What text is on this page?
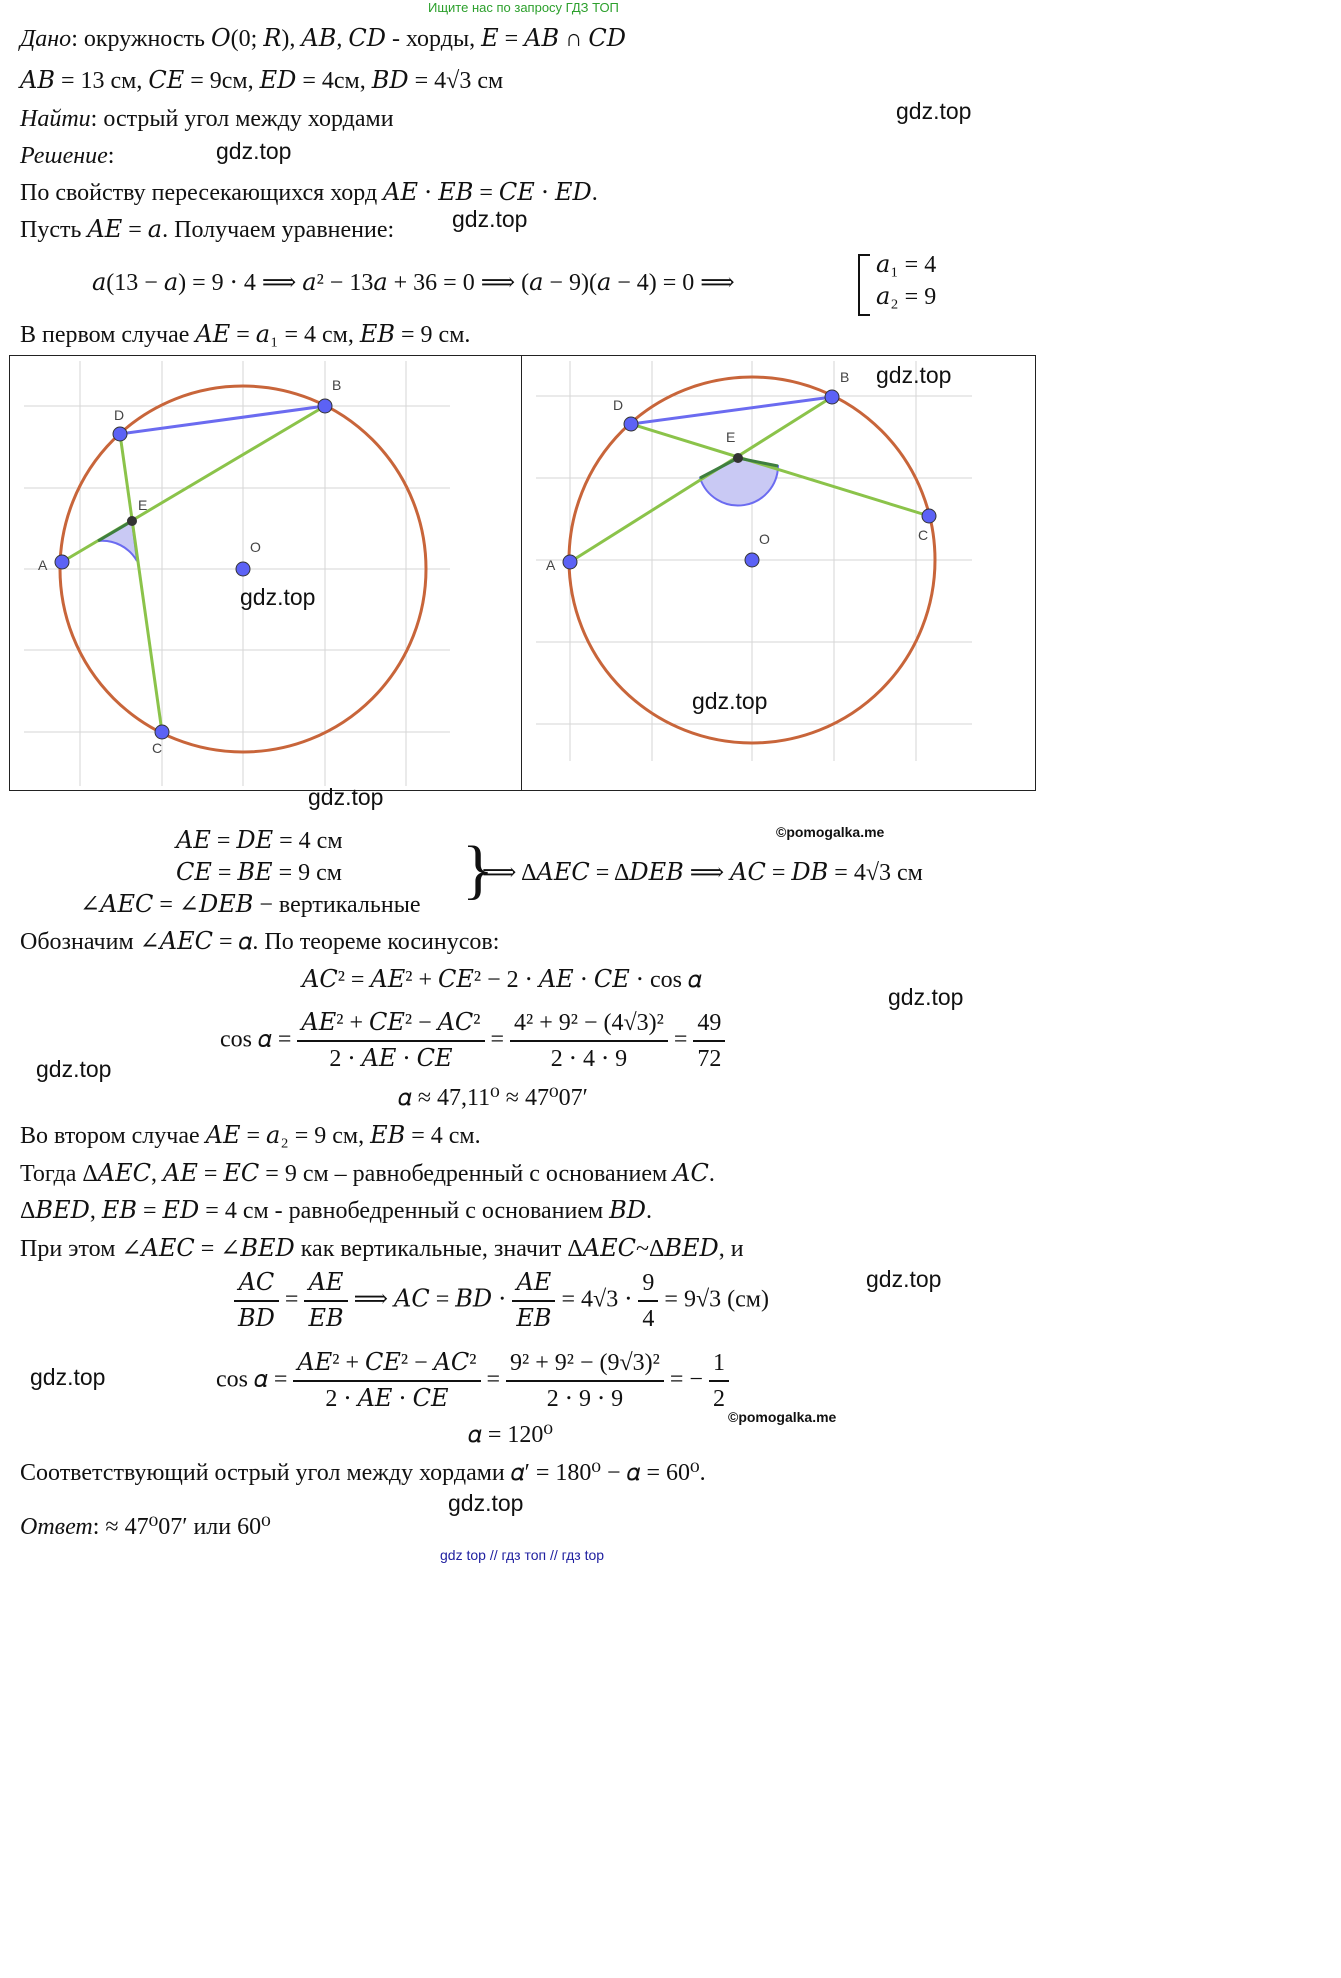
Ищите нас по запросу ГДЗ ТОП
Дано: окружность 𝑂(0; 𝑅), 𝐴𝐵, 𝐶𝐷 - хорды, 𝐸 = 𝐴𝐵 ∩ 𝐶𝐷
𝐴𝐵 = 13 см, 𝐶𝐸 = 9см, 𝐸𝐷 = 4см, 𝐵𝐷 = 4√3 см
Найти: острый угол между хордами
Решение:
По свойству пересекающихся хорд 𝐴𝐸 ⋅ 𝐸𝐵 = 𝐶𝐸 ⋅ 𝐸𝐷.
Пусть 𝐴𝐸 = 𝑎. Получаем уравнение:
𝑎(13 − 𝑎) = 9 ⋅ 4 ⟹ 𝑎² − 13𝑎 + 36 = 0 ⟹ (𝑎 − 9)(𝑎 − 4) = 0 ⟹
𝑎₁ = 4
𝑎₂ = 9
В первом случае 𝐴𝐸 = 𝑎₁ = 4 см, 𝐸𝐵 = 9 см.
A
B
C
D
E
O
A
B
C
D
E
O
𝐴𝐸 = 𝐷𝐸 = 4 см
𝐶𝐸 = 𝐵𝐸 = 9 см
∠𝐴𝐸𝐶 = ∠𝐷𝐸𝐵 − вертикальные }
⟹ Δ𝐴𝐸𝐶 = Δ𝐷𝐸𝐵 ⟹ 𝐴𝐶 = 𝐷𝐵 = 4√3 см
Обозначим ∠𝐴𝐸𝐶 = 𝛼. По теореме косинусов:
𝐴𝐶² = 𝐴𝐸² + 𝐶𝐸² − 2 ⋅ 𝐴𝐸 ⋅ 𝐶𝐸 ⋅ cos 𝛼
cos 𝛼 = $\frac{\text{𝐴𝐸² + 𝐶𝐸² − 𝐴𝐶²}}{\text{2 ⋅ 𝐴𝐸 ⋅ 𝐶𝐸}} = \frac{\text{4² + 9² − (4√3)²}}{2 \cdot 4 \cdot 9} = \frac{49}{72}$
𝛼 ≈ 47,11⁰ ≈ 47⁰07′
Во втором случае 𝐴𝐸 = 𝑎₂ = 9 см, 𝐸𝐵 = 4 см.
Тогда Δ𝐴𝐸𝐶, 𝐴𝐸 = 𝐸𝐶 = 9 см – равнобедренный с основанием 𝐴𝐶.
Δ𝐵𝐸𝐷, 𝐸𝐵 = 𝐸𝐷 = 4 см - равнобедренный с основанием 𝐵𝐷.
При этом ∠𝐴𝐸𝐶 = ∠𝐵𝐸𝐷 как вертикальные, значит Δ𝐴𝐸𝐶~Δ𝐵𝐸𝐷, и
$\frac{\text{𝐴𝐶}}{\text{𝐵𝐷}} = \frac{\text{𝐴𝐸}}{\text{𝐸𝐵}}$ ⟹ 𝐴𝐶 = 𝐵𝐷 ⋅ $\frac{\text{𝐴𝐸}}{\text{𝐸𝐵}} = 4√3 \cdot \frac{9}{4} = 9√3$ (см)
cos 𝛼 = $\frac{\text{𝐴𝐸² + 𝐶𝐸² − 𝐴𝐶²}}{\text{2 ⋅ 𝐴𝐸 ⋅ 𝐶𝐸}} = \frac{\text{9² + 9² − (9√3)²}}{2 \cdot 9 \cdot 9}$ = − $\frac{1}{2}$
𝛼 = 120⁰
Соответствующий острый угол между хордами 𝛼′ = 180⁰ − 𝛼 = 60⁰.
Ответ: ≈ 47⁰07′ или 60⁰
gdz.top
gdz.top
gdz.top
gdz.top
gdz.top
gdz.top
gdz.top
gdz.top
gdz.top
gdz.top
gdz.top
gdz.top
©pomogalka.me
©pomogalka.me
gdz top // гдз топ // гдз top
